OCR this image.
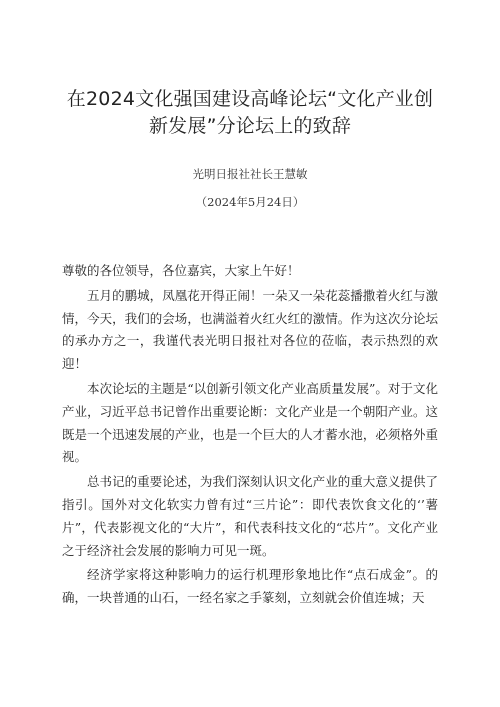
在2024文化强国建设高峰论坛“文化产业创
新发展”分论坛上的致辞
光明日报社社长王慧敏
（2024年5月24日）

尊敬的各位领导，各位嘉宾，大家上午好！

五月的鹏城，凤凰花开得正闹！一朵又一朵花蕊播撒着火红与激情，今天，我们的会场，也满溢着火红火红的激情。作为这次分论坛的承办方之一，我谨代表光明日报社对各位的莅临，表示热烈的欢迎！

本次论坛的主题是“以创新引领文化产业高质量发展”。对于文化产业，习近平总书记曾作出重要论断：文化产业是一个朝阳产业。这既是一个迅速发展的产业，也是一个巨大的人才蓄水池，必须格外重视。

总书记的重要论述，为我们深刻认识文化产业的重大意义提供了指引。国外对文化软实力曾有过“三片论”：即代表饮食文化的‘’薯片”，代表影视文化的“大片”，和代表科技文化的“芯片”。文化产业之于经济社会发展的影响力可见一斑。

经济学家将这种影响力的运行机理形象地比作“点石成金”。的确，一块普通的山石，一经名家之手篆刻，立刻就会价值连城；天
